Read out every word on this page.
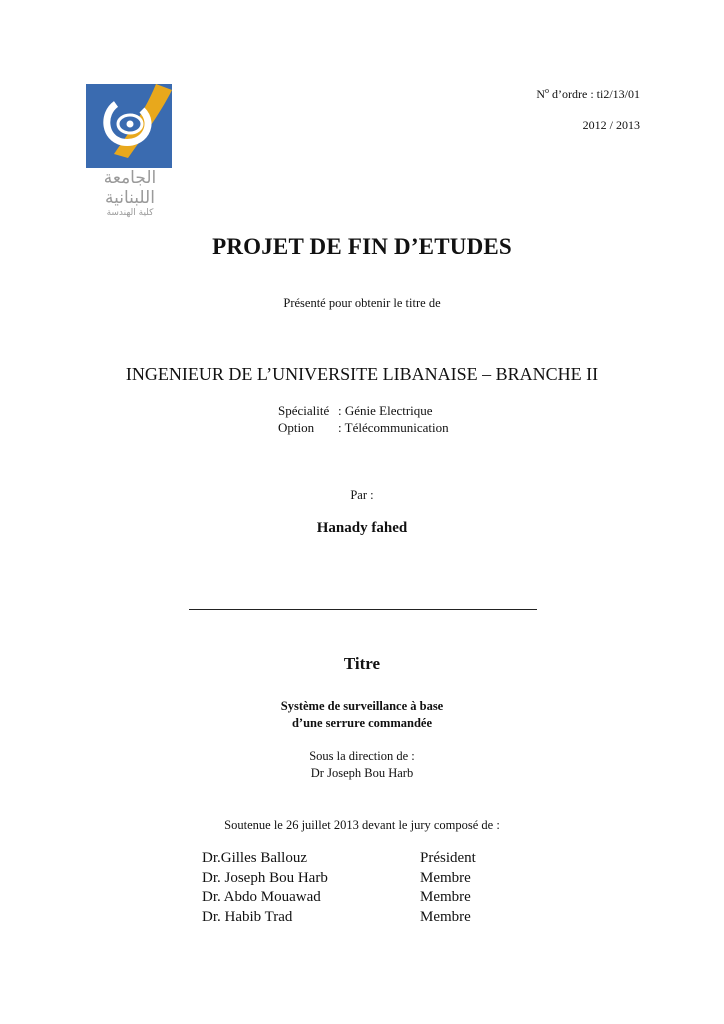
الجامعة اللبنانية
كلية الهندسة
$N^o$ d’ordre : ti2/13/01
2012 / 2013
PROJET DE FIN D’ETUDES
Présenté pour obtenir le titre de
INGENIEUR DE L’UNIVERSITE LIBANAISE – BRANCHE II
Spécialité : Génie Electrique
Option	: Télécommunication
Par :
Hanady fahed
Titre
Système de surveillance à base
d’une serrure commandée
Sous la direction de :
Dr Joseph Bou Harb
Soutenue le 26 juillet 2013 devant le jury composé de :
Dr.Gilles Ballouz	Président
Dr. Joseph Bou Harb	Membre
Dr. Abdo Mouawad	Membre
Dr. Habib Trad	Membre
